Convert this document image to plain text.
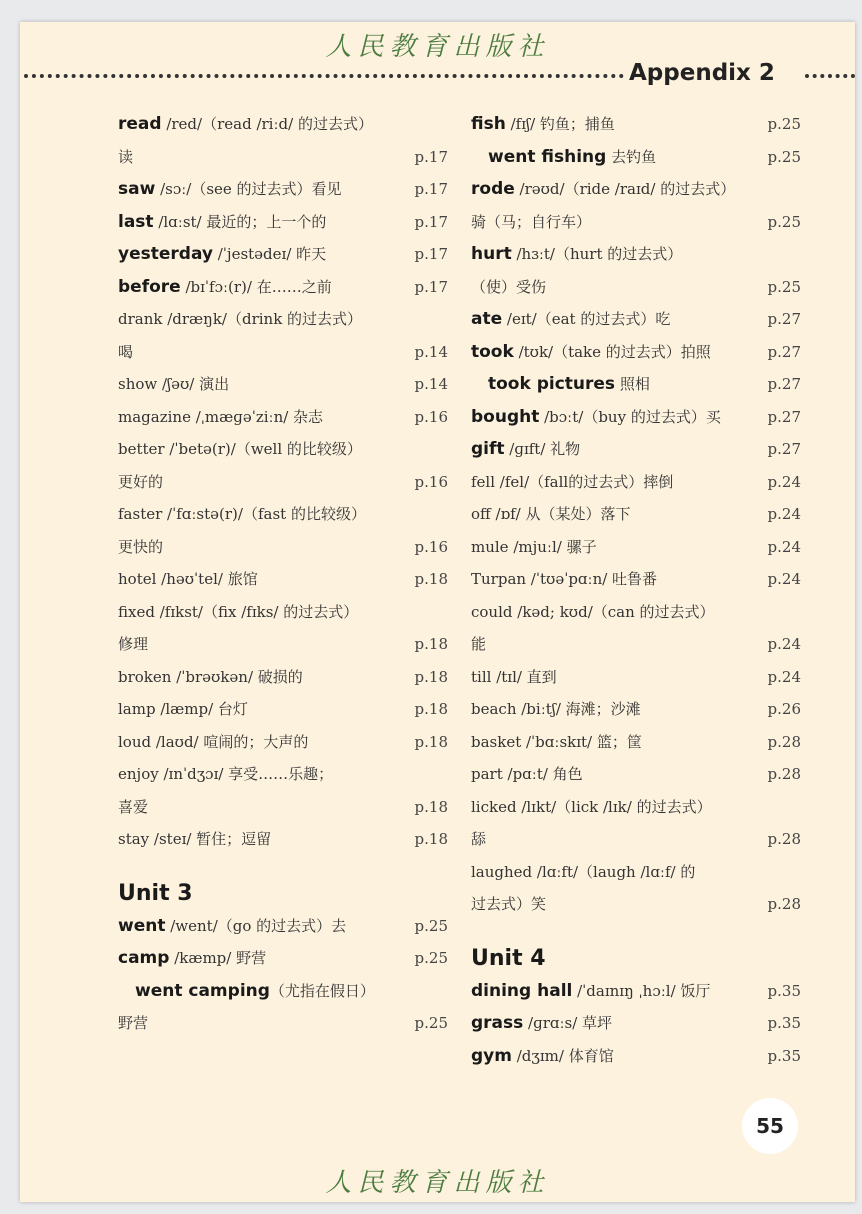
人民教育出版社
Appendix 2
read /red/（read /riːd/ 的过去式）
读	p.17
saw /sɔː/（see 的过去式）看见	p.17
last /lɑːst/ 最近的；上一个的	p.17
yesterday /ˈjestədeɪ/ 昨天	p.17
before /bɪˈfɔː(r)/ 在……之前	p.17
drank /dræŋk/（drink 的过去式）
喝	p.14
show /ʃəʊ/ 演出	p.14
magazine /ˌmæɡəˈziːn/ 杂志	p.16
better /ˈbetə(r)/（well 的比较级）
更好的	p.16
faster /ˈfɑːstə(r)/（fast 的比较级）
更快的	p.16
hotel /həʊˈtel/ 旅馆	p.18
fixed /fɪkst/（fix /fɪks/ 的过去式）
修理	p.18
broken /ˈbrəʊkən/ 破损的	p.18
lamp /læmp/ 台灯	p.18
loud /laʊd/ 喧闹的；大声的	p.18
enjoy /ɪnˈdʒɔɪ/ 享受……乐趣；
喜爱	p.18
stay /steɪ/ 暂住；逗留	p.18
Unit 3
went /went/（go 的过去式）去	p.25
camp /kæmp/ 野营	p.25
went camping（尤指在假日）
野营	p.25
fish /fɪʃ/ 钓鱼；捕鱼	p.25
went fishing 去钓鱼	p.25
rode /rəʊd/（ride /raɪd/ 的过去式）
骑（马；自行车）	p.25
hurt /hɜːt/（hurt 的过去式）
（使）受伤	p.25
ate /eɪt/（eat 的过去式）吃	p.27
took /tʊk/（take 的过去式）拍照	p.27
took pictures 照相	p.27
bought /bɔːt/（buy 的过去式）买	p.27
gift /ɡɪft/ 礼物	p.27
fell /fel/（fall的过去式）摔倒	p.24
off /ɒf/ 从（某处）落下	p.24
mule /mjuːl/ 骡子	p.24
Turpan /ˈtʊəˈpɑːn/ 吐鲁番	p.24
could /kəd; kʊd/（can 的过去式）
能	p.24
till /tɪl/ 直到	p.24
beach /biːtʃ/ 海滩；沙滩	p.26
basket /ˈbɑːskɪt/ 篮；筐	p.28
part /pɑːt/ 角色	p.28
licked /lɪkt/（lick /lɪk/ 的过去式）
舔	p.28
laughed /lɑːft/（laugh /lɑːf/ 的
过去式）笑	p.28
Unit 4
dining hall /ˈdaɪnɪŋ ˌhɔːl/ 饭厅	p.35
grass /ɡrɑːs/ 草坪	p.35
gym /dʒɪm/ 体育馆	p.35
55
人民教育出版社
